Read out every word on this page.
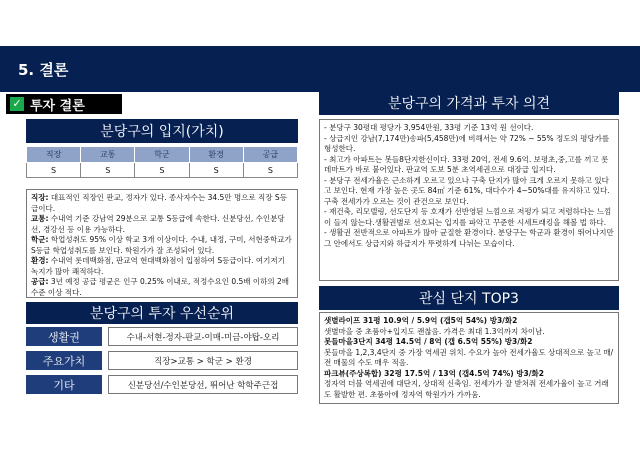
5. 결론
✓ 투자 결론
분당구의 입지(가치)
직장	교통	학군	환경	공급
S	S	S	S	S

직장: 대표적인 직장인 판교, 정자가 있다. 종사자수는 34.5만 명으로 직장 S등급이다.

교통: 수내역 기준 강남역 29분으로 교통 S등급에 속한다. 신분당선, 수인분당선, 경강선 등 이용 가능하다.

학군: 학업성취도 95% 이상 학교 3개 이상이다. 수내, 내정, 구미, 서현중학교가 S등급 학업성취도를 보인다. 학원가가 잘 조성되어 있다.

환경: 수내역 롯데백화점, 판교역 현대백화점이 입점하여 S등급이다. 여기저기 녹지가 많아 쾌적하다.

공급: 3년 예정 공급 평균은 인구 0.25% 이내로, 적정수요인 0.5배 이하의 2배 수준 이상 적다.

분당구의 투자 우선순위
생활권	수내-서현-정자-판교-이매-미금-야탑-오리
주요가치	직장>교통 > 학군 > 환경
기타	신분당선/수인분당선, 뛰어난 학학주근접
분당구의 가격과 투자 의견

- 분당구 30평대 평당가 3,954만원, 33평 기준 13억 원 선이다.

- 상급지인 강남(7,174만)송파(5,458만)에 비해서는 약 72% ~ 55% 정도의 평당가를 형성한다.

- 최고가 아파트는 봇들8단지한신이다. 33평 20억, 전세 9.6억. 보평초,중,고를 끼고 롯데마트가 바로 붙어있다. 판교역 도보 5분 초역세권으로 대장급 입지다.

- 분당구 전세가율은 근소하게 오르고 있으나 구축 단지가 많아 크게 오르지 못하고 있다고 보인다. 현재 가장 높은 곳도 84㎡ 기준 61%, 대다수가 4~50%대를 유지하고 있다. 구축 전세가가 오르는 것이 관건으로 보인다.

- 재건축, 리모델링, 선도단지 등 호재가 선반영된 느낌으로 저평가 되고 저렴하다는 느낌이 들지 않는다.생활권별로 선호되는 입지를 파악고 꾸준한 시세트래킹을 해볼 법 하다.

- 생활권 전반적으로 아파트가 많아 균질한 환경이다. 분당구는 학군과 환경이 뛰어나지만 그 안에서도 상급지와 하급지가 뚜렷하게 나뉘는 모습이다.

관심 단지 TOP3

샛별라이프 31평 10.9억 / 5.9억 (갭5억 54%) 방3/화2

샛별마을 중 초품아+입지도 괜찮음. 가격은 최대 1.3억까지 차이남.

봇들마을3단지 34평 14.5억 / 8억 (갭 6.5억 55%) 방3/화2

봇들마을 1,2,3,4단지 중 가장 역세권 위치. 수요가 높아 전세가율도 상대적으로 높고 매/전 매물의 수도 매우 적음.

파크뷰(주상복합) 32평 17.5억 / 13억 (갭4.5억 74%) 방3/화2

정자역 더블 역세권에 대단지, 상대적 신축임. 전세가가 잘 받쳐줘 전세가율이 높고 거래도 활발한 편. 초품아에 정자역 학원가가 가까움.
